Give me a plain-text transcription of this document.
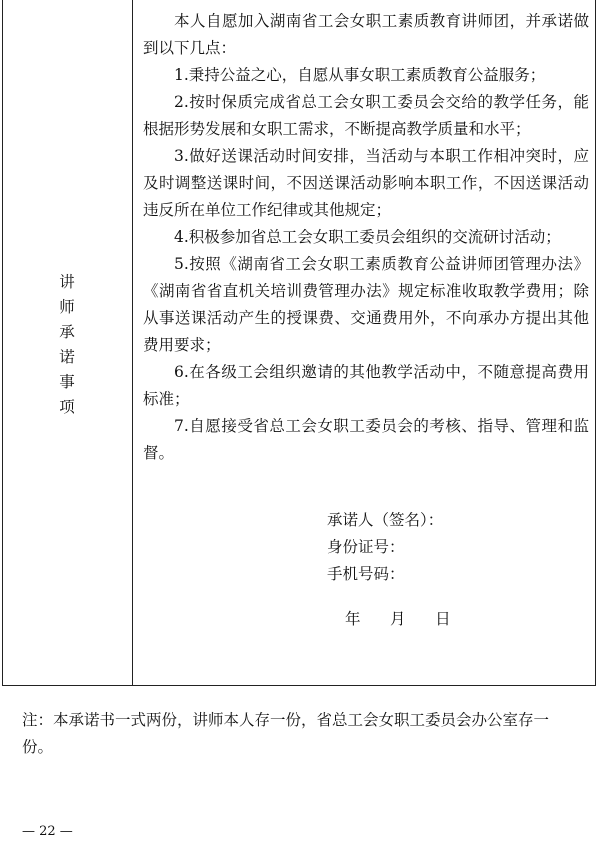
讲师承诺事项

本人自愿加入湖南省工会女职工素质教育讲师团，并承诺做到以下几点：

1.秉持公益之心，自愿从事女职工素质教育公益服务；

2.按时保质完成省总工会女职工委员会交给的教学任务，能根据形势发展和女职工需求，不断提高教学质量和水平；

3.做好送课活动时间安排，当活动与本职工作相冲突时，应及时调整送课时间，不因送课活动影响本职工作，不因送课活动违反所在单位工作纪律或其他规定；

4.积极参加省总工会女职工委员会组织的交流研讨活动；

5.按照《湖南省工会女职工素质教育公益讲师团管理办法》《湖南省省直机关培训费管理办法》规定标准收取教学费用；除从事送课活动产生的授课费、交通费用外，不向承办方提出其他费用要求；

6.在各级工会组织邀请的其他教学活动中，不随意提高费用标准；

7.自愿接受省总工会女职工委员会的考核、指导、管理和监督。

承诺人（签名）：
身份证号：
手机号码：
年      月      日
注：本承诺书一式两份，讲师本人存一份，省总工会女职工委员会办公室存一份。
— 22 —
